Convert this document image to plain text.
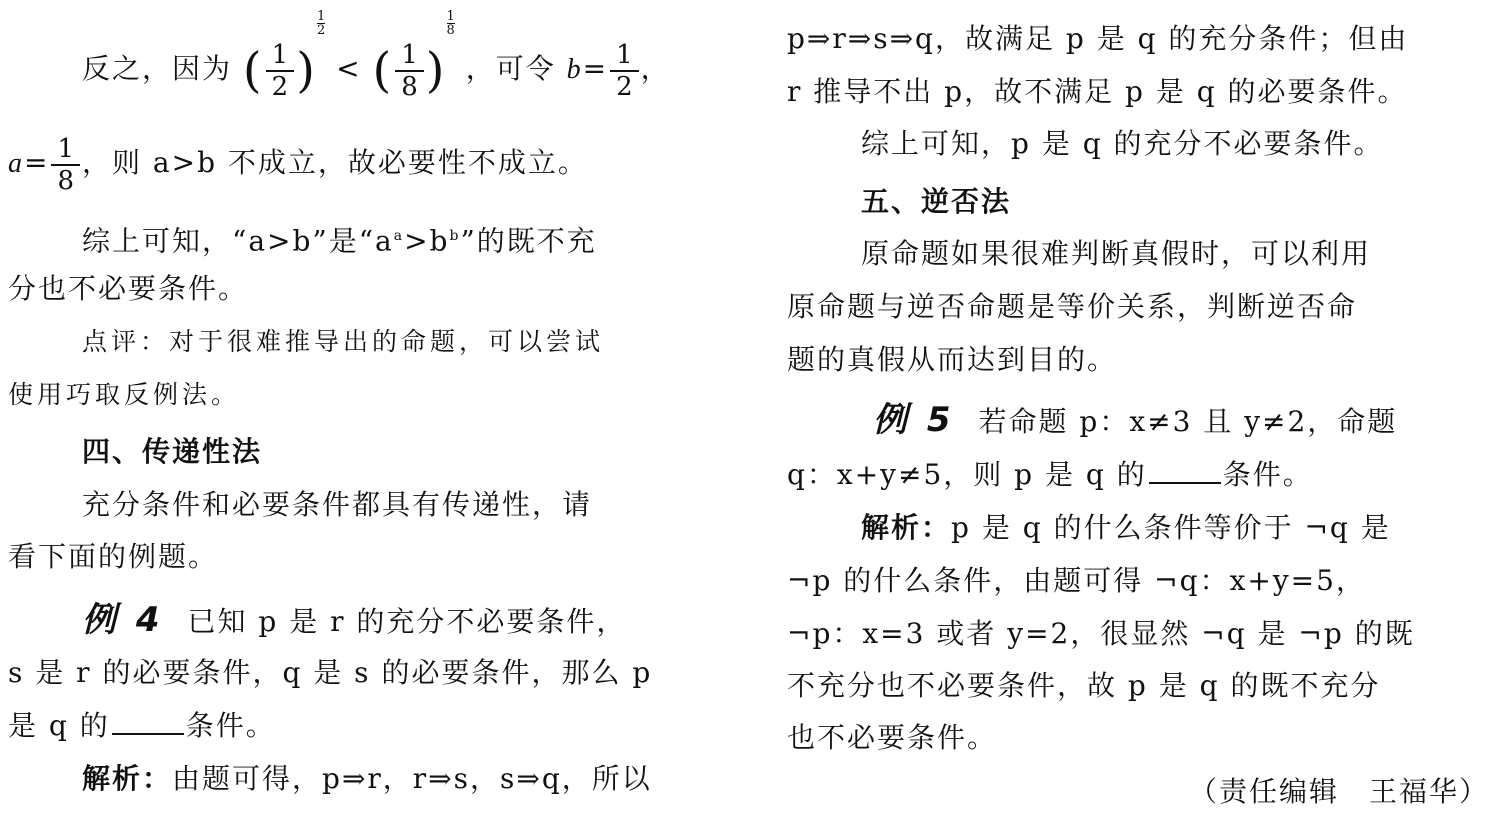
反之，因为 ( $\frac{1}{2}$ )
$\frac{1}{2}$
< ( $\frac{1}{8}$ )
$\frac{1}{8}$
，可令 $b= \frac{1}{2}$ ，
$a= \frac{1}{8}$ ，则 a>b 不成立，故必要性不成立。
综上可知，“a>b”是“$a^a>b^b$”的既不充
分也不必要条件。
点评：对于很难推导出的命题，可以尝试
使用巧取反例法。
四、传递性法
充分条件和必要条件都具有传递性，请
看下面的例题。
例 4 已知 p 是 r 的充分不必要条件，
s 是 r 的必要条件，q 是 s 的必要条件，那么 p
是 q 的	条件。
解析：由题可得，p⇒r，r⇒s，s⇒q，所以
p⇒r⇒s⇒q，故满足 p 是 q 的充分条件；但由
r 推导不出 p，故不满足 p 是 q 的必要条件。
综上可知，p 是 q 的充分不必要条件。
五、逆否法
原命题如果很难判断真假时，可以利用
原命题与逆否命题是等价关系，判断逆否命
题的真假从而达到目的。
例 5 若命题 p：x≠3 且 y≠2，命题
q：x+y≠5，则 p 是 q 的	条件。
解析：p 是 q 的什么条件等价于 ¬q 是
¬p 的什么条件，由题可得 ¬q：x+y=5，
¬p：x=3 或者 y=2，很显然 ¬q 是 ¬p 的既
不充分也不必要条件，故 p 是 q 的既不充分
也不必要条件。
（责任编辑　王福华）
